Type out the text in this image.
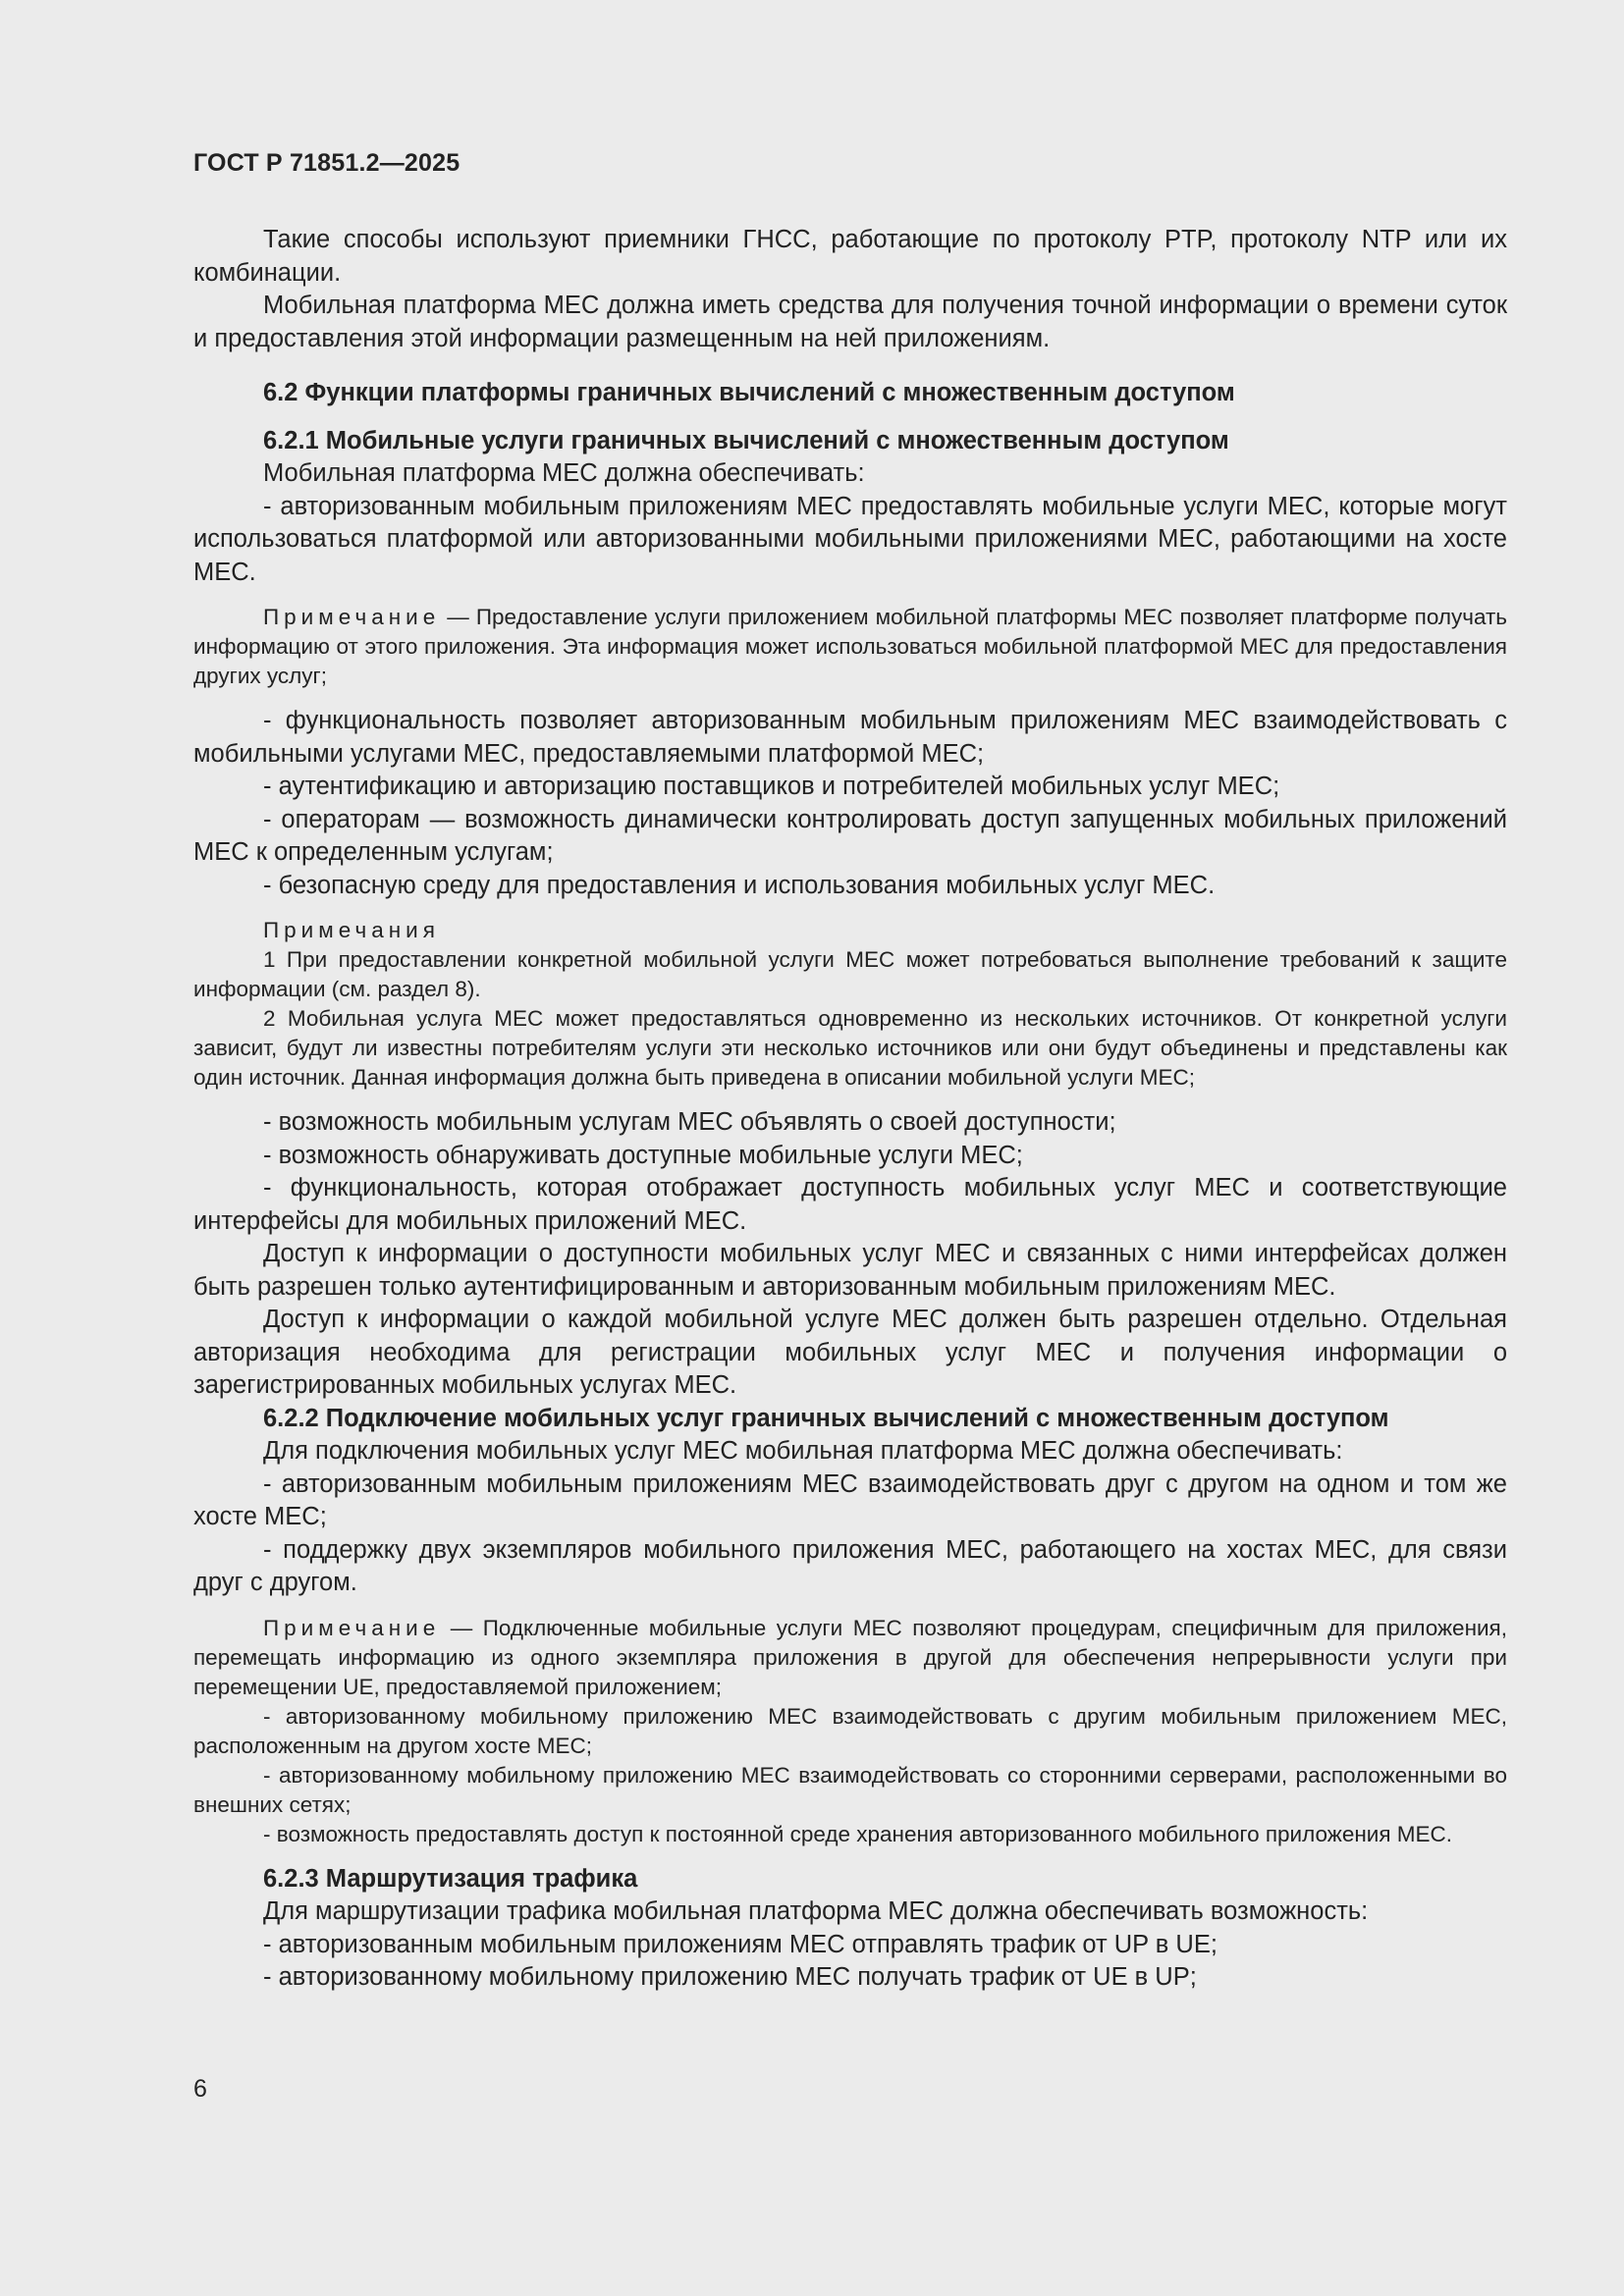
ГОСТ Р 71851.2—2025

Такие способы используют приемники ГНСС, работающие по протоколу PTP, протоколу NTP или их комбинации.

Мобильная платформа МЕС должна иметь средства для получения точной информации о времени суток и предоставления этой информации размещенным на ней приложениям.

6.2 Функции платформы граничных вычислений с множественным доступом

6.2.1 Мобильные услуги граничных вычислений с множественным доступом

Мобильная платформа МЕС должна обеспечивать:

- авторизованным мобильным приложениям МЕС предоставлять мобильные услуги МЕС, которые могут использоваться платформой или авторизованными мобильными приложениями МЕС, работающими на хосте МЕС.

Примечание — Предоставление услуги приложением мобильной платформы МЕС позволяет платформе получать информацию от этого приложения. Эта информация может использоваться мобильной платформой МЕС для предоставления других услуг;

- функциональность позволяет авторизованным мобильным приложениям МЕС взаимодействовать с мобильными услугами МЕС, предоставляемыми платформой МЕС;

- аутентификацию и авторизацию поставщиков и потребителей мобильных услуг МЕС;

- операторам — возможность динамически контролировать доступ запущенных мобильных приложений МЕС к определенным услугам;

- безопасную среду для предоставления и использования мобильных услуг МЕС.

Примечания

1 При предоставлении конкретной мобильной услуги МЕС может потребоваться выполнение требований к защите информации (см. раздел 8).

2 Мобильная услуга МЕС может предоставляться одновременно из нескольких источников. От конкретной услуги зависит, будут ли известны потребителям услуги эти несколько источников или они будут объединены и представлены как один источник. Данная информация должна быть приведена в описании мобильной услуги МЕС;

- возможность мобильным услугам МЕС объявлять о своей доступности;

- возможность обнаруживать доступные мобильные услуги МЕС;

- функциональность, которая отображает доступность мобильных услуг МЕС и соответствующие интерфейсы для мобильных приложений МЕС.

Доступ к информации о доступности мобильных услуг МЕС и связанных с ними интерфейсах должен быть разрешен только аутентифицированным и авторизованным мобильным приложениям МЕС.

Доступ к информации о каждой мобильной услуге МЕС должен быть разрешен отдельно. Отдельная авторизация необходима для регистрации мобильных услуг МЕС и получения информации о зарегистрированных мобильных услугах МЕС.

6.2.2 Подключение мобильных услуг граничных вычислений с множественным доступом

Для подключения мобильных услуг МЕС мобильная платформа МЕС должна обеспечивать:

- авторизованным мобильным приложениям МЕС взаимодействовать друг с другом на одном и том же хосте МЕС;

- поддержку двух экземпляров мобильного приложения МЕС, работающего на хостах МЕС, для связи друг с другом.

Примечание — Подключенные мобильные услуги МЕС позволяют процедурам, специфичным для приложения, перемещать информацию из одного экземпляра приложения в другой для обеспечения непрерывности услуги при перемещении UE, предоставляемой приложением;

- авторизованному мобильному приложению МЕС взаимодействовать с другим мобильным приложением МЕС, расположенным на другом хосте МЕС;

- авторизованному мобильному приложению МЕС взаимодействовать со сторонними серверами, расположенными во внешних сетях;

- возможность предоставлять доступ к постоянной среде хранения авторизованного мобильного приложения МЕС.

6.2.3 Маршрутизация трафика

Для маршрутизации трафика мобильная платформа МЕС должна обеспечивать возможность:

- авторизованным мобильным приложениям МЕС отправлять трафик от UP в UE;

- авторизованному мобильному приложению МЕС получать трафик от UE в UP;

6
